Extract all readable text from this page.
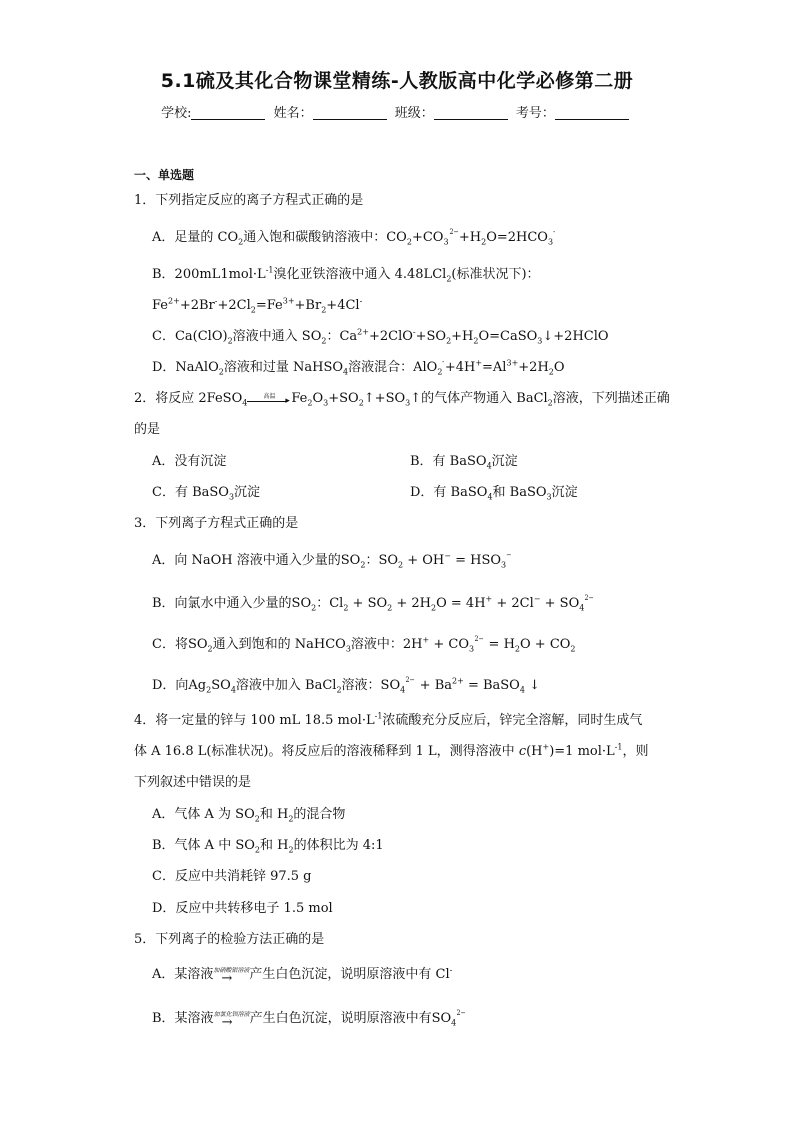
5.1硫及其化合物课堂精练-人教版高中化学必修第二册
学校:	姓名：	班级：	考号：
一、单选题
1．下列指定反应的离子方程式正确的是
A．足量的 $CO_2$通入饱和碳酸钠溶液中：$CO_2+CO_32-+H_2O=2HCO_3-$
B．$200mL1mol\cdot L^{-1}$溴化亚铁溶液中通入 4.48LCl$_2$(标准状况下)：
$Fe^{2+}+2Br^-+2Cl_2=Fe^{3+}+Br_2+4Cl^-$
C．$Ca(ClO)_2$溶液中通入 $SO_2$：$Ca^{2+}+2ClO^-+SO_2+H_2O=CaSO_3↓+2HClO$
D．NaAlO$_2$溶液和过量 NaHSO$_4$溶液混合：$AlO_2-+4H^+=Al^{3+}+2H_2O$
2．将反应 2FeSO$_4$
高温	▸ $Fe_2O_3+SO_2↑+SO_3↑$的气体产物通入 BaCl$_2$溶液，下列描述正确
的是
A．没有沉淀	B．有 BaSO$_4$沉淀
C．有 BaSO$_3$沉淀	D．有 BaSO$_4$和 BaSO$_3$沉淀
3．下列离子方程式正确的是
A．向 NaOH 溶液中通入少量的$SO_2$：$SO_2 + OH^- = HSO_3-$
B．向氯水中通入少量的$SO_2$：$Cl_2 + SO_2 + 2H_2O = 4H^+ + 2Cl^- + SO_42-$
C．将$SO_2$通入到饱和的 NaHCO$_3$溶液中：$2H^+ + CO_32- = H_2O + CO_2$
D．向$Ag_2SO_4$溶液中加入 BaCl$_2$溶液：$SO_42- + Ba^{2+}$ = BaSO$_4$ ↓
4．将一定量的锌与 100 mL 18.5 $mol\cdot L^{-1}$浓硫酸充分反应后，锌完全溶解，同时生成气
体 A 16.8 L(标准状况)。将反应后的溶液稀释到 1 L，测得溶液中 c(H+)=1 $mol\cdot L^{-1}$，则
下列叙述中错误的是
A．气体 A 为 $SO_2$和 $H_2$的混合物
B．气体 A 中 $SO_2$和 $H_2$的体积比为 4:1
C．反应中共消耗锌 97.5 g
D．反应中共转移电子 1.5 mol
5．下列离子的检验方法正确的是
A．某溶液 加硝酸银溶液
→ 产生白色沉淀，说明原溶液中有 Cl-
B．某溶液 加氯化钡溶液
→ 产生白色沉淀，说明原溶液中有$SO_42-$
